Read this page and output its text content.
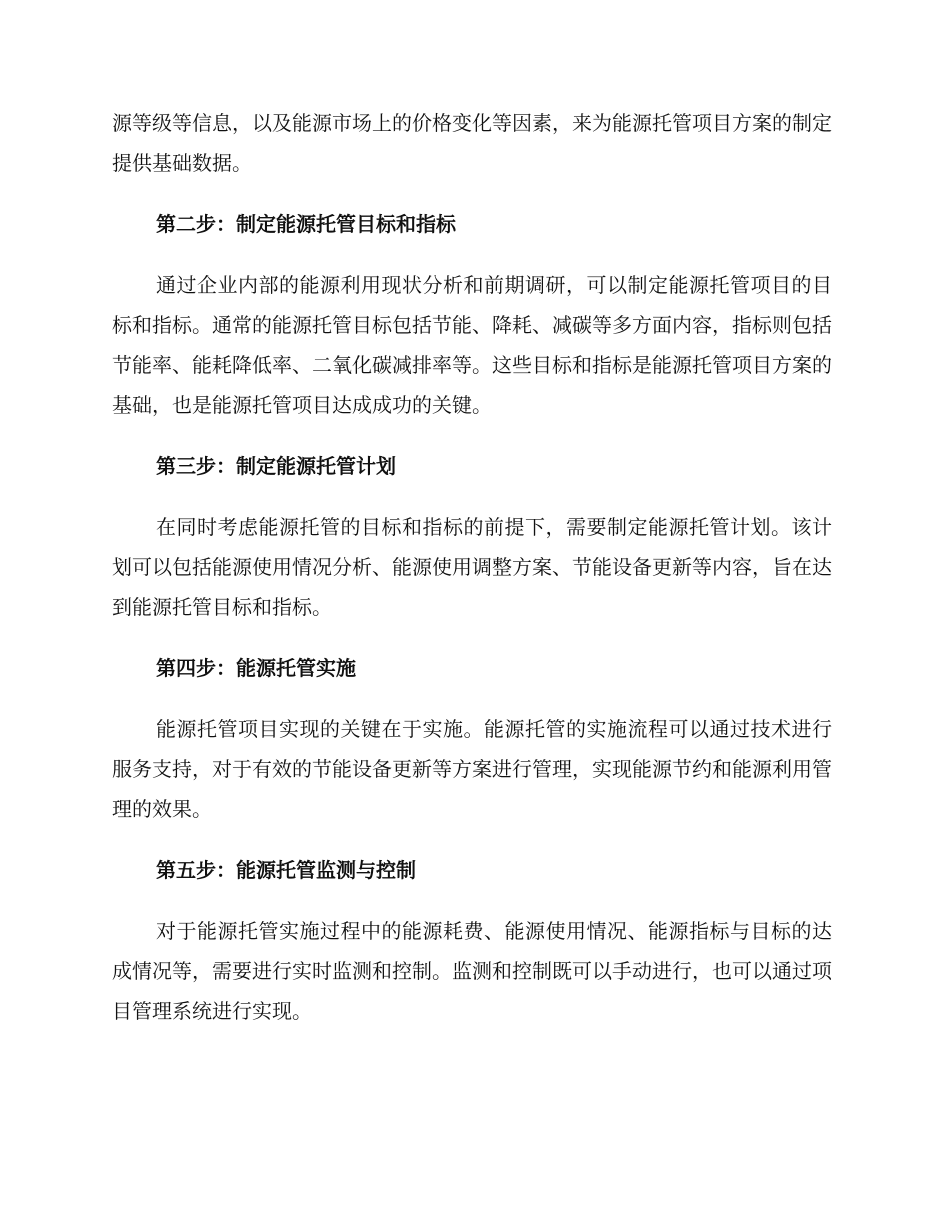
源等级等信息，以及能源市场上的价格变化等因素，来为能源托管项目方案的制定提供基础数据。

第二步：制定能源托管目标和指标

通过企业内部的能源利用现状分析和前期调研，可以制定能源托管项目的目标和指标。通常的能源托管目标包括节能、降耗、减碳等多方面内容，指标则包括节能率、能耗降低率、二氧化碳减排率等。这些目标和指标是能源托管项目方案的基础，也是能源托管项目达成成功的关键。

第三步：制定能源托管计划

在同时考虑能源托管的目标和指标的前提下，需要制定能源托管计划。该计划可以包括能源使用情况分析、能源使用调整方案、节能设备更新等内容，旨在达到能源托管目标和指标。

第四步：能源托管实施

能源托管项目实现的关键在于实施。能源托管的实施流程可以通过技术进行服务支持，对于有效的节能设备更新等方案进行管理，实现能源节约和能源利用管理的效果。

第五步：能源托管监测与控制

对于能源托管实施过程中的能源耗费、能源使用情况、能源指标与目标的达成情况等，需要进行实时监测和控制。监测和控制既可以手动进行，也可以通过项目管理系统进行实现。
